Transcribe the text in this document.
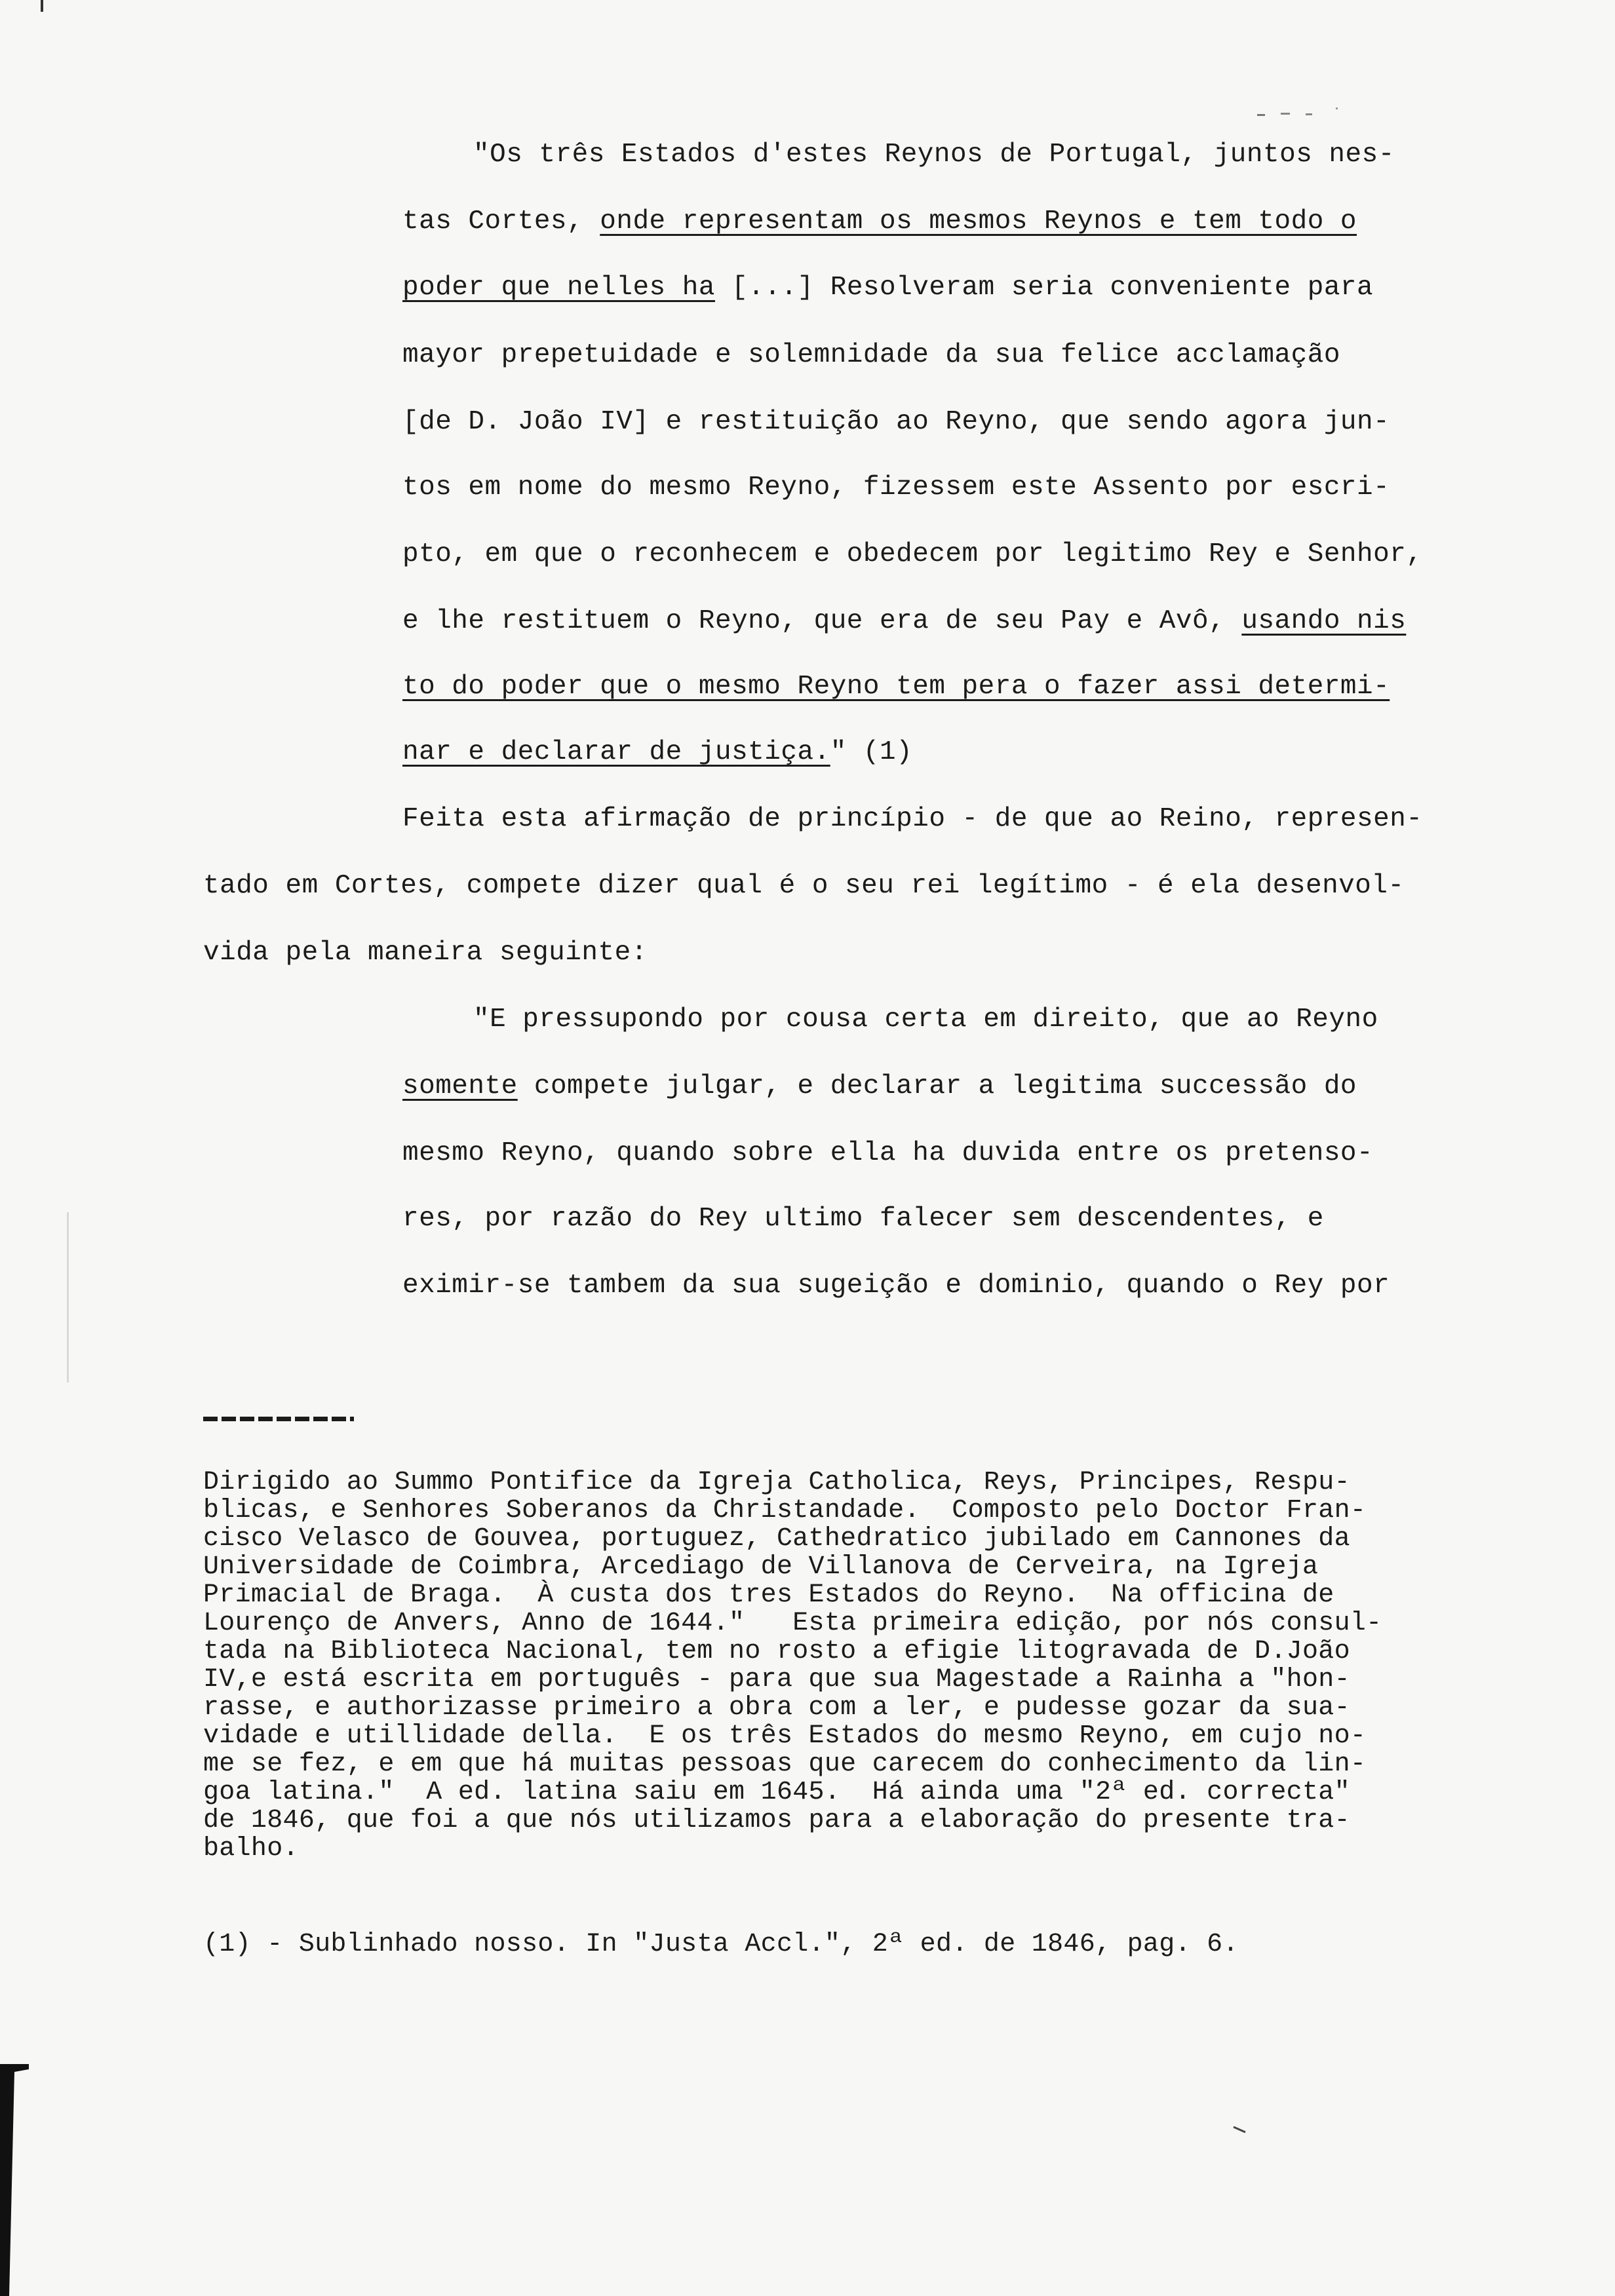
"Os três Estados d'estes Reynos de Portugal, juntos nes-
tas Cortes, onde representam os mesmos Reynos e tem todo o
poder que nelles ha [...] Resolveram seria conveniente para
mayor prepetuidade e solemnidade da sua felice acclamação
[de D. João IV] e restituição ao Reyno, que sendo agora jun-
tos em nome do mesmo Reyno, fizessem este Assento por escri-
pto, em que o reconhecem e obedecem por legitimo Rey e Senhor,
e lhe restituem o Reyno, que era de seu Pay e Avô, usando nis
to do poder que o mesmo Reyno tem pera o fazer assi determi-
nar e declarar de justiça." (1)
Feita esta afirmação de princípio - de que ao Reino, represen-
tado em Cortes, compete dizer qual é o seu rei legítimo - é ela desenvol-
vida pela maneira seguinte:
"E pressupondo por cousa certa em direito, que ao Reyno
somente compete julgar, e declarar a legitima successão do
mesmo Reyno, quando sobre ella ha duvida entre os pretenso-
res, por razão do Rey ultimo falecer sem descendentes, e
eximir-se tambem da sua sugeição e dominio, quando o Rey por
Dirigido ao Summo Pontifice da Igreja Catholica, Reys, Principes, Respu-
blicas, e Senhores Soberanos da Christandade.  Composto pelo Doctor Fran-
cisco Velasco de Gouvea, portuguez, Cathedratico jubilado em Cannones da
Universidade de Coimbra, Arcediago de Villanova de Cerveira, na Igreja
Primacial de Braga.  À custa dos tres Estados do Reyno.  Na officina de
Lourenço de Anvers, Anno de 1644."   Esta primeira edição, por nós consul-
tada na Biblioteca Nacional, tem no rosto a efigie litogravada de D.João
IV,e está escrita em português - para que sua Magestade a Rainha a "hon-
rasse, e authorizasse primeiro a obra com a ler, e pudesse gozar da sua-
vidade e utillidade della.  E os três Estados do mesmo Reyno, em cujo no-
me se fez, e em que há muitas pessoas que carecem do conhecimento da lin-
goa latina."  A ed. latina saiu em 1645.  Há ainda uma "2ª ed. correcta"
de 1846, que foi a que nós utilizamos para a elaboração do presente tra-
balho.
(1) - Sublinhado nosso. In "Justa Accl.", 2ª ed. de 1846, pag. 6.
